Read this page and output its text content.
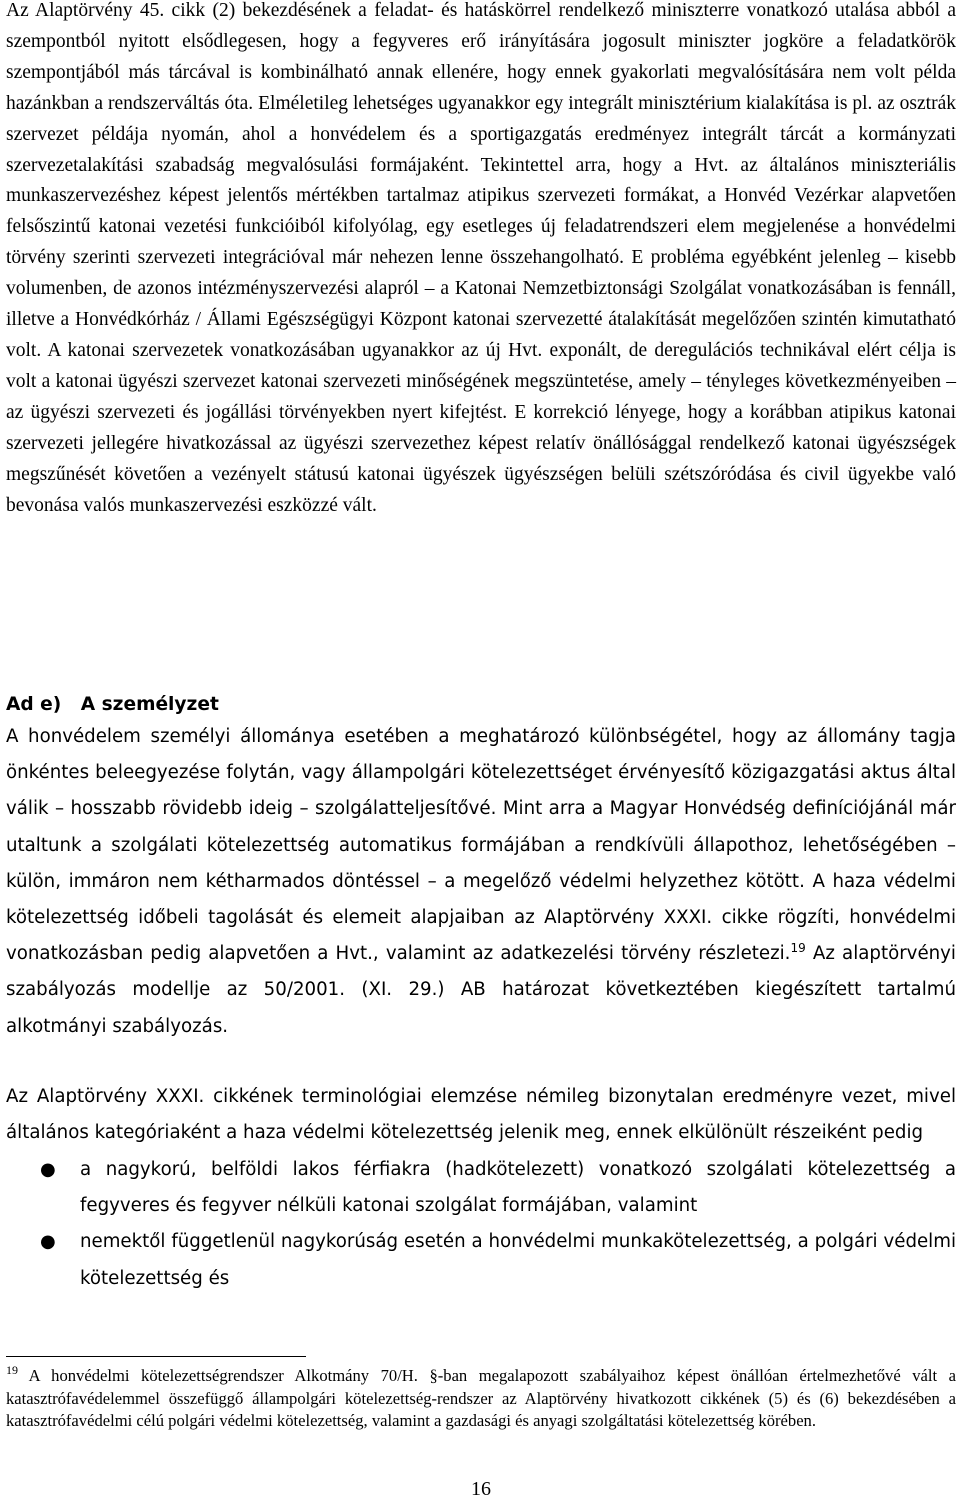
Az Alaptörvény 45. cikk (2) bekezdésének a feladat- és hatáskörrel rendelkező miniszterre vonatkozó utalása abból a szempontból nyitott elsődlegesen, hogy a fegyveres erő irányítására jogosult miniszter jogköre a feladatkörök szempontjából más tárcával is kombinálható annak ellenére, hogy ennek gyakorlati megvalósítására nem volt példa hazánkban a rendszerváltás óta. Elméletileg lehetséges ugyanakkor egy integrált minisztérium kialakítása is pl. az osztrák szervezet példája nyomán, ahol a honvédelem és a sportigazgatás eredményez integrált tárcát a kormányzati szervezetalakítási szabadság megvalósulási formájaként. Tekintettel arra, hogy a Hvt. az általános miniszteriális munkaszervezéshez képest jelentős mértékben tartalmaz atipikus szervezeti formákat, a Honvéd Vezérkar alapvetően felsőszintű katonai vezetési funkcióiból kifolyólag, egy esetleges új feladatrendszeri elem megjelenése a honvédelmi törvény szerinti szervezeti integrációval már nehezen lenne összehangolható. E probléma egyébként jelenleg – kisebb volumenben, de azonos intézményszervezési alapról – a Katonai Nemzetbiztonsági Szolgálat vonatkozásában is fennáll, illetve a Honvédkórház / Állami Egészségügyi Központ katonai szervezetté átalakítását megelőzően szintén kimutatható volt. A katonai szervezetek vonatkozásában ugyanakkor az új Hvt. exponált, de deregulációs technikával elért célja is volt a katonai ügyészi szervezet katonai szervezeti minőségének megszüntetése, amely – tényleges következményeiben – az ügyészi szervezeti és jogállási törvényekben nyert kifejtést. E korrekció lényege, hogy a korábban atipikus katonai szervezeti jellegére hivatkozással az ügyészi szervezethez képest relatív önállósággal rendelkező katonai ügyészségek megszűnését követően a vezényelt státusú katonai ügyészek ügyészségen belüli szétszóródása és civil ügyekbe való bevonása valós munkaszervezési eszközzé vált.

Ad e)   A személyzet

A honvédelem személyi állománya esetében a meghatározó különbségétel, hogy az állomány tagja önkéntes beleegyezése folytán, vagy állampolgári kötelezettséget érvényesítő közigazgatási aktus által válik – hosszabb rövidebb ideig – szolgálatteljesítővé. Mint arra a Magyar Honvédség definíciójánál már utaltunk a szolgálati kötelezettség automatikus formájában a rendkívüli állapothoz, lehetőségében – külön, immáron nem kétharmados döntéssel – a megelőző védelmi helyzethez kötött. A haza védelmi kötelezettség időbeli tagolását és elemeit alapjaiban az Alaptörvény XXXI. cikke rögzíti, honvédelmi vonatkozásban pedig alapvetően a Hvt., valamint az adatkezelési törvény részletezi.$^{19}$ Az alaptörvényi szabályozás modellje az 50/2001. (XI. 29.) AB határozat következtében kiegészített tartalmú alkotmányi szabályozás.

Az Alaptörvény XXXI. cikkének terminológiai elemzése némileg bizonytalan eredményre vezet, mivel általános kategóriaként a haza védelmi kötelezettség jelenik meg, ennek elkülönült részeiként pedig

● a nagykorú, belföldi lakos férfiakra (hadkötelezett) vonatkozó szolgálati kötelezettség a fegyveres és fegyver nélküli katonai szolgálat formájában, valamint
● nemektől függetlenül nagykorúság esetén a honvédelmi munkakötelezettség, a polgári védelmi kötelezettség és

$^{19}$ A honvédelmi kötelezettségrendszer Alkotmány 70/H. §-ban megalapozott szabályaihoz képest önállóan értelmezhetővé vált a katasztrófavédelemmel összefüggő állampolgári kötelezettség-rendszer az Alaptörvény hivatkozott cikkének (5) és (6) bekezdésében a katasztrófavédelmi célú polgári védelmi kötelezettség, valamint a gazdasági és anyagi szolgáltatási kötelezettség körében.

16
